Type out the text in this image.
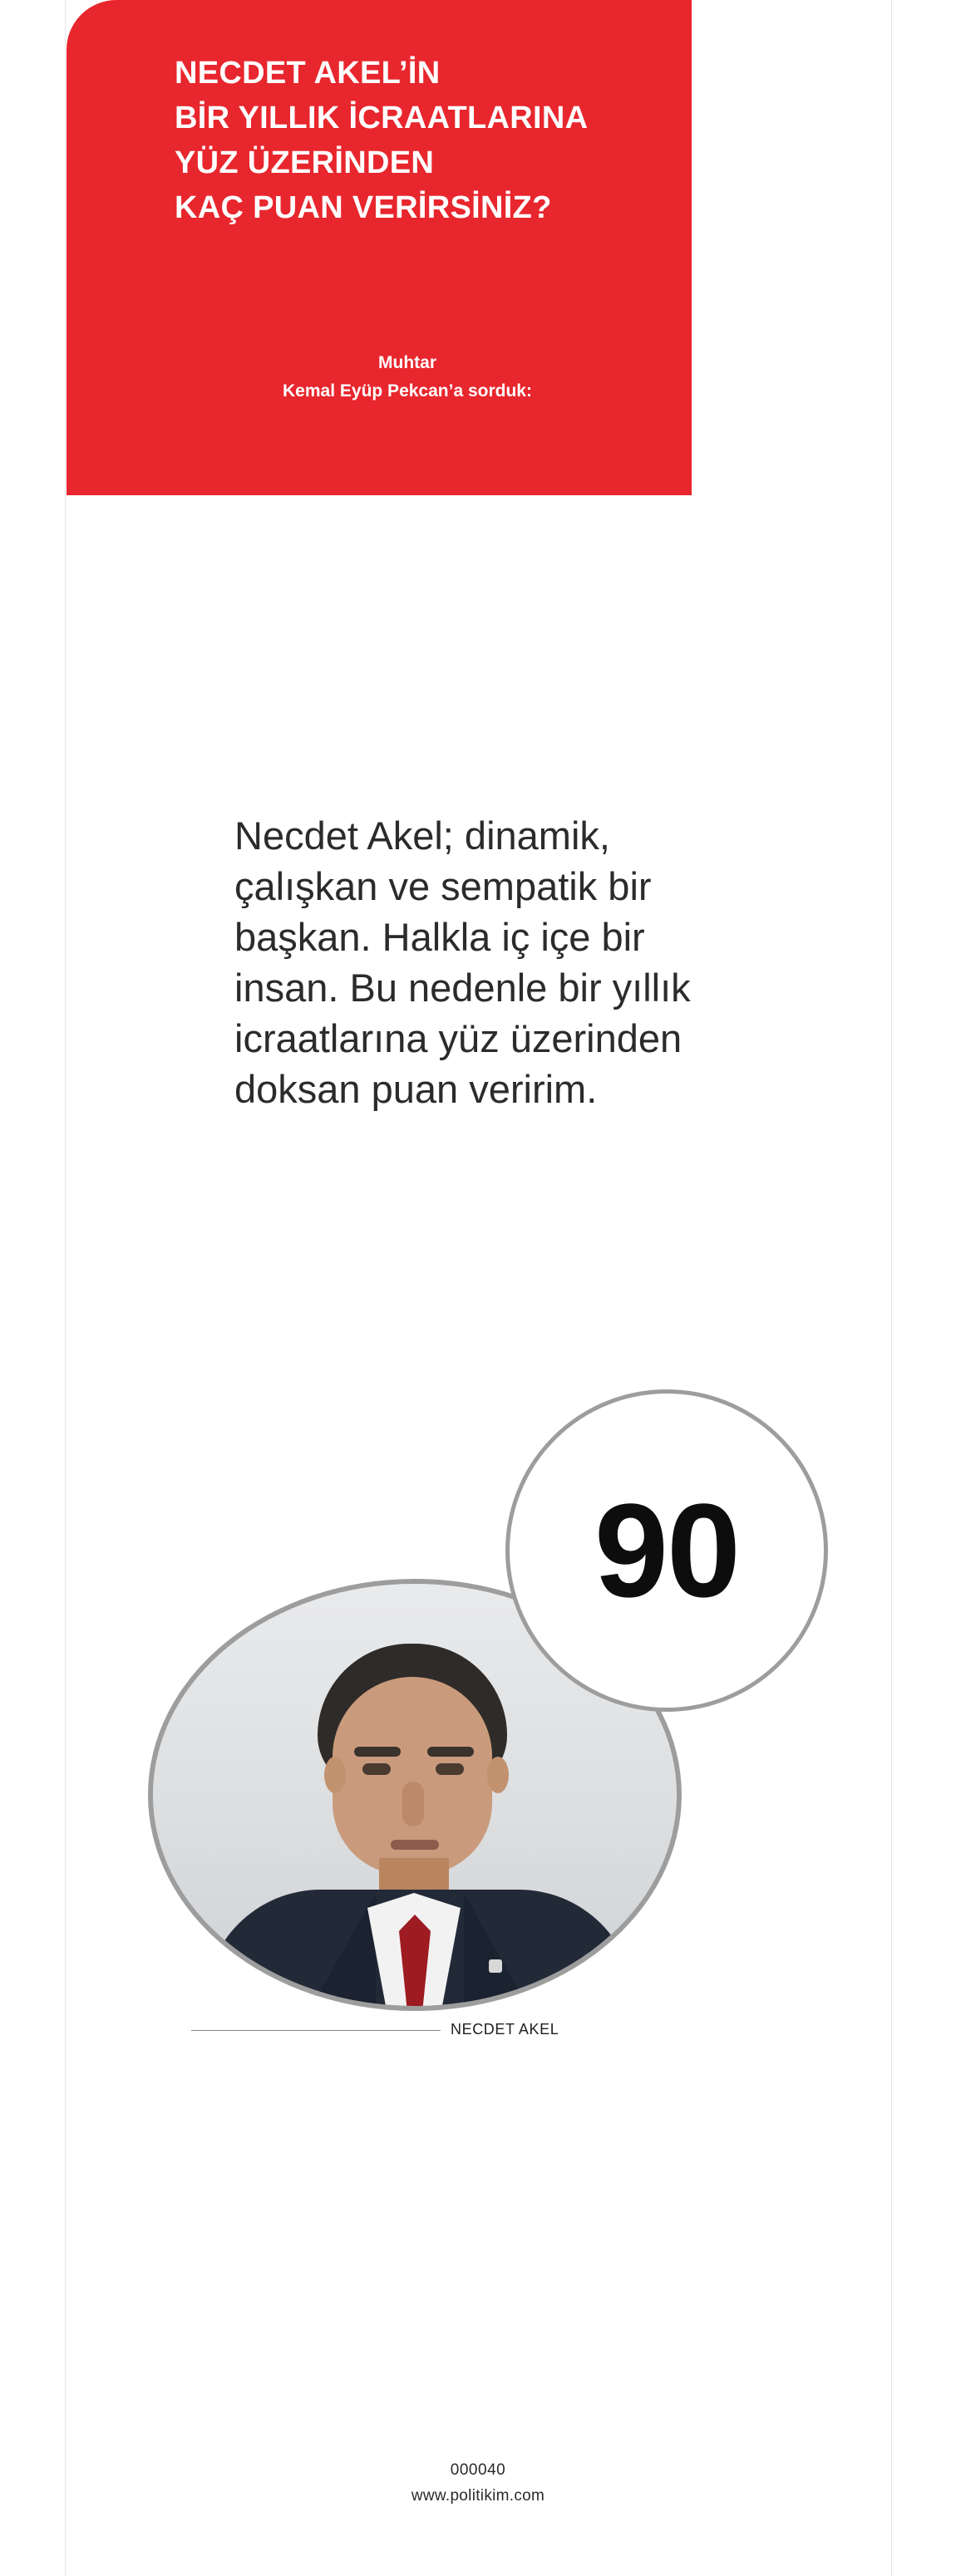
NECDET AKEL’İN
BİR YILLIK İCRAATLARINA
YÜZ ÜZERİNDEN
KAÇ PUAN VERİRSİNİZ?
Muhtar
Kemal Eyüp Pekcan’a sorduk:
Necdet Akel; dinamik, çalışkan ve sempatik bir başkan. Halkla iç içe bir insan. Bu nedenle bir yıllık icraatlarına yüz üzerinden doksan puan veririm.
90
NECDET AKEL
000040
www.politikim.com
